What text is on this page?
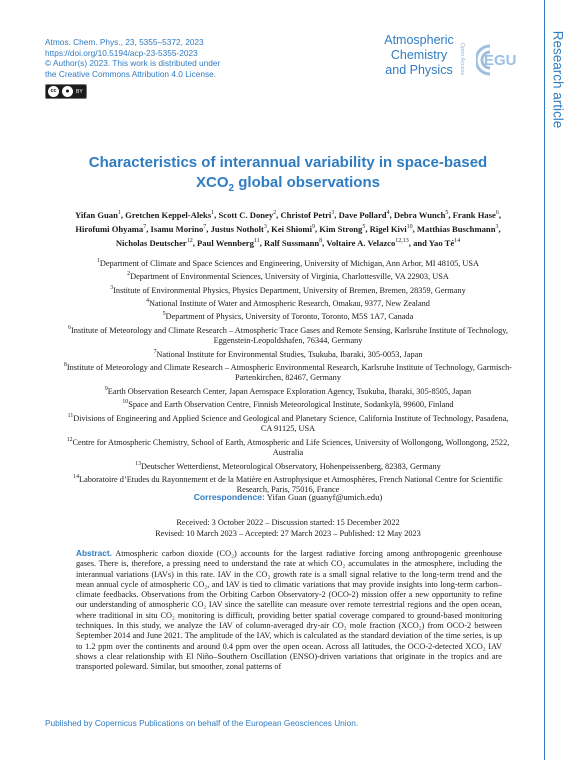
Atmos. Chem. Phys., 23, 5355–5372, 2023
https://doi.org/10.5194/acp-23-5355-2023
© Author(s) 2023. This work is distributed under
the Creative Commons Attribution 4.0 License.
cc	●	BY
Atmospheric
Chemistry
and Physics	Open Access EGU	Research article
Characteristics of interannual variability in space-based
$XCO_2$ global observations
Yifan Guan$^1$, Gretchen Keppel-Aleks$^1$, Scott C. Doney$^2$, Christof Petri$^3$, Dave Pollard$^4$, Debra Wunch$^5$, Frank Hase$^6$, Hirofumi Ohyama$^7$, Isamu Morino$^7$, Justus Notholt$^3$, Kei Shiomi$^9$, Kim Strong$^5$, Rigel Kivi$^{10}$, Matthias Buschmann$^3$, Nicholas Deutscher$^{12}$, Paul Wennberg$^{11}$, Ralf Sussmann$^8$, Voltaire A. Velazco$^{12,13}$, and Yao $Té^{14}$
$^1$Department of Climate and Space Sciences and Engineering, University of Michigan, Ann Arbor, MI 48105, USA
$^2$Department of Environmental Sciences, University of Virginia, Charlottesville, VA 22903, USA
$^3$Institute of Environmental Physics, Physics Department, University of Bremen, Bremen, 28359, Germany
$^4$National Institute of Water and Atmospheric Research, Omakau, 9377, New Zealand
$^5$Department of Physics, University of Toronto, Toronto, M5S 1A7, Canada
$^6$Institute of Meteorology and Climate Research – Atmospheric Trace Gases and Remote Sensing, Karlsruhe Institute of Technology, Eggenstein-Leopoldshafen, 76344, Germany
$^7$National Institute for Environmental Studies, Tsukuba, Ibaraki, 305-0053, Japan
$^8$Institute of Meteorology and Climate Research – Atmospheric Environmental Research, Karlsruhe Institute of Technology, Garmisch-Partenkirchen, 82467, Germany
$^9$Earth Observation Research Center, Japan Aerospace Exploration Agency, Tsukuba, Ibaraki, 305-8505, Japan
$^{10}$Space and Earth Observation Centre, Finnish Meteorological Institute, Sodankylä, 99600, Finland
$^{11}$Divisions of Engineering and Applied Science and Geological and Planetary Science, California Institute of Technology, Pasadena, CA 91125, USA
$^{12}$Centre for Atmospheric Chemistry, School of Earth, Atmospheric and Life Sciences, University of Wollongong, Wollongong, 2522, Australia
$^{13}$Deutscher Wetterdienst, Meteorological Observatory, Hohenpeissenberg, 82383, Germany
$^{14}$Laboratoire d’Etudes du Rayonnement et de la Matière en Astrophysique et Atmosphères, French National Centre for Scientific Research, Paris, 75016, France
Correspondence: Yifan Guan (guanyf@umich.edu)
Received: 3 October 2022 – Discussion started: 15 December 2022
Revised: 10 March 2023 – Accepted: 27 March 2023 – Published: 12 May 2023
Abstract. Atmospheric carbon dioxide (CO₂) accounts for the largest radiative forcing among anthropogenic greenhouse gases. There is, therefore, a pressing need to understand the rate at which CO₂ accumulates in the atmosphere, including the interannual variations (IAVs) in this rate. IAV in the CO₂ growth rate is a small signal relative to the long-term trend and the mean annual cycle of atmospheric CO₂, and IAV is tied to climatic variations that may provide insights into long-term carbon–climate feedbacks. Observations from the Orbiting Carbon Observatory-2 (OCO-2) mission offer a new opportunity to refine our understanding of atmospheric CO₂ IAV since the satellite can measure over remote terrestrial regions and the open ocean, where traditional in situ CO₂ monitoring is difficult, providing better spatial coverage compared to ground-based monitoring techniques. In this study, we analyze the IAV of column-averaged dry-air CO₂ mole fraction (XCO₂) from OCO-2 between September 2014 and June 2021. The amplitude of the IAV, which is calculated as the standard deviation of the time series, is up to 1.2 ppm over the continents and around 0.4 ppm over the open ocean. Across all latitudes, the OCO-2-detected XCO₂ IAV shows a clear relationship with El Niño–Southern Oscillation (ENSO)-driven variations that originate in the tropics and are transported poleward. Similar, but smoother, zonal patterns of
Published by Copernicus Publications on behalf of the European Geosciences Union.
